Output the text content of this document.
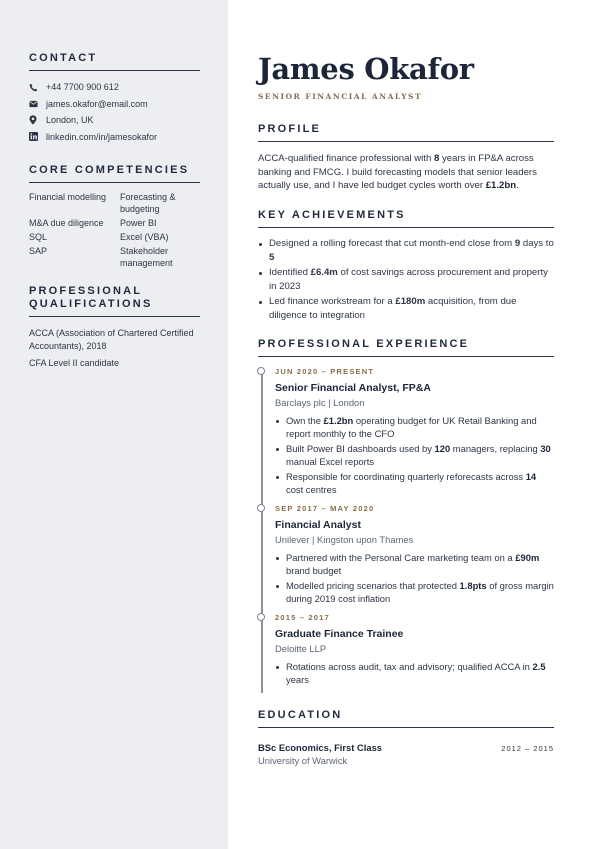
CONTACT
+44 7700 900 612
james.okafor@email.com
London, UK
linkedin.com/in/jamesokafor
CORE COMPETENCIES
Financial modelling	Forecasting & budgeting
M&A due diligence	Power BI
SQL	Excel (VBA)
SAP	Stakeholder management
PROFESSIONAL
QUALIFICATIONS
ACCA (Association of Chartered Certified Accountants), 2018
CFA Level II candidate
James Okafor
SENIOR FINANCIAL ANALYST
PROFILE

ACCA-qualified finance professional with 8 years in FP&A across banking and FMCG. I build forecasting models that senior leaders actually use, and I have led budget cycles worth over £1.2bn.

KEY ACHIEVEMENTS
Designed a rolling forecast that cut month-end close from 9 days to 5
Identified £6.4m of cost savings across procurement and property in 2023
Led finance workstream for a £180m acquisition, from due diligence to integration
PROFESSIONAL EXPERIENCE
JUN 2020 – PRESENT
Senior Financial Analyst, FP&A
Barclays plc | London
Own the £1.2bn operating budget for UK Retail Banking and report monthly to the CFO
Built Power BI dashboards used by 120 managers, replacing 30 manual Excel reports
Responsible for coordinating quarterly reforecasts across 14 cost centres
SEP 2017 – MAY 2020
Financial Analyst
Unilever | Kingston upon Thames
Partnered with the Personal Care marketing team on a £90m brand budget
Modelled pricing scenarios that protected 1.8pts of gross margin during 2019 cost inflation
2015 – 2017
Graduate Finance Trainee
Deloitte LLP
Rotations across audit, tax and advisory; qualified ACCA in 2.5 years
EDUCATION
BSc Economics, First Class	2012 – 2015
University of Warwick
